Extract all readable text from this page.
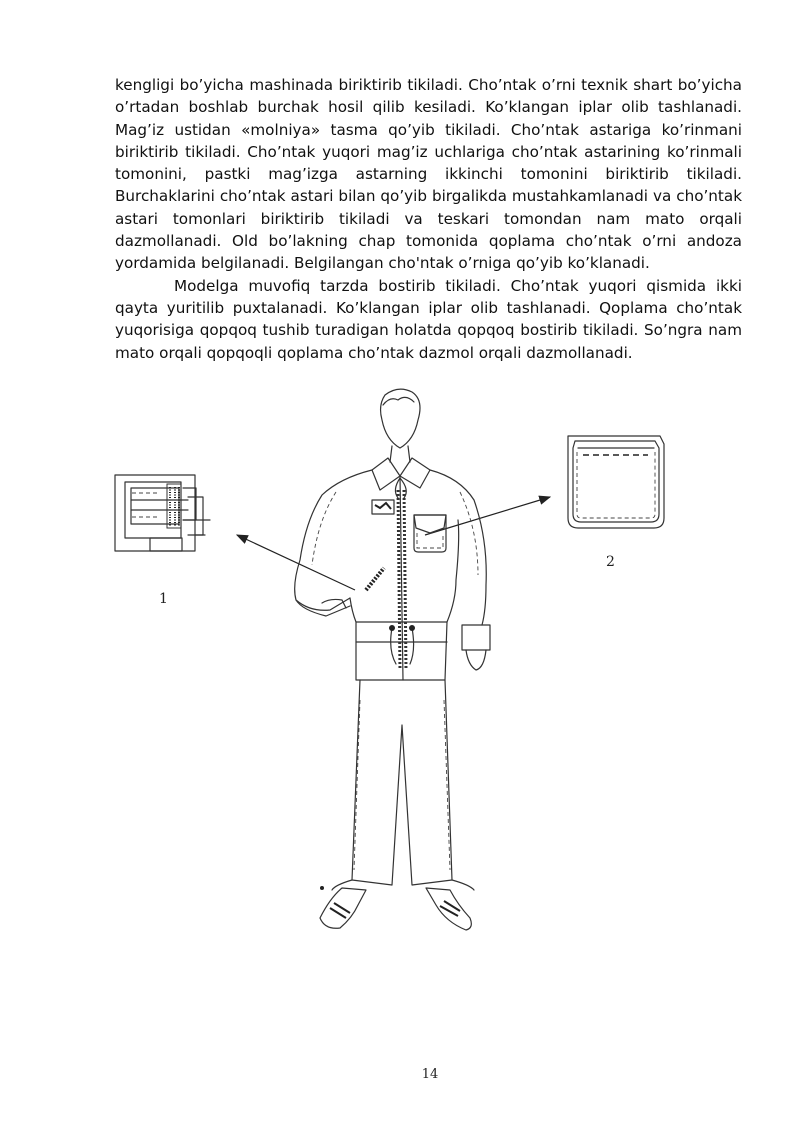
kengligi bo’yicha mashinada biriktirib tikiladi. Cho’ntak o’rni texnik shart bo’yicha o’rtadan boshlab burchak hosil qilib kesiladi. Ko’klangan iplar olib tashlanadi. Mag’iz ustidan «molniya» tasma qo’yib tikiladi. Cho’ntak astariga ko’rinmani biriktirib tikiladi. Cho’ntak yuqori mag’iz uchlariga cho’ntak astarining ko’rinmali tomonini, pastki mag’izga astarning ikkinchi tomonini biriktirib tikiladi. Burchaklarini cho’ntak astari bilan qo’yib birgalikda mustahkamlanadi va cho’ntak astari tomonlari biriktirib tikiladi va teskari tomondan nam mato orqali dazmollanadi. Old bo’lakning chap tomonida qoplama cho’ntak o’rni andoza yordamida belgilanadi. Belgilangan cho'ntak o’rniga qo’yib ko’klanadi.

Modelga muvofiq tarzda bostirib tikiladi. Cho’ntak yuqori qismida ikki qayta yuritilib puxtalanadi. Ko’klangan iplar olib tashlanadi. Qoplama cho’ntak yuqorisiga qopqoq tushib turadigan holatda qopqoq bostirib tikiladi. So’ngra nam mato orqali qopqoqli qoplama cho’ntak dazmol orqali dazmollanadi.

1
2
14
